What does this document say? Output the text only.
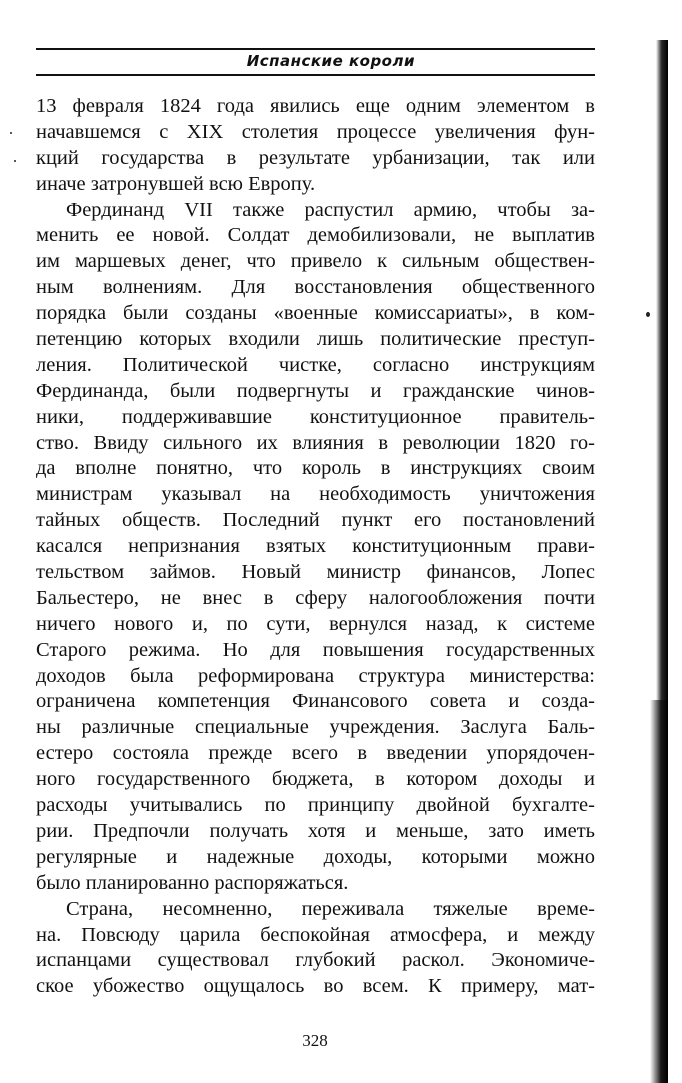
Испанские короли
13 февраля 1824 года явились еще одним элементом в
начавшемся с XIX столетия процессе увеличения фун-
кций государства в результате урбанизации, так или
иначе затронувшей всю Европу.
Фердинанд VII также распустил армию, чтобы за-
менить ее новой. Солдат демобилизовали, не выплатив
им маршевых денег, что привело к сильным обществен-
ным волнениям. Для восстановления общественного
порядка были созданы «военные комиссариаты», в ком-
петенцию которых входили лишь политические преступ-
ления. Политической чистке, согласно инструкциям
Фердинанда, были подвергнуты и гражданские чинов-
ники, поддерживавшие конституционное правитель-
ство. Ввиду сильного их влияния в революции 1820 го-
да вполне понятно, что король в инструкциях своим
министрам указывал на необходимость уничтожения
тайных обществ. Последний пункт его постановлений
касался непризнания взятых конституционным прави-
тельством займов. Новый министр финансов, Лопес
Бальестеро, не внес в сферу налогообложения почти
ничего нового и, по сути, вернулся назад, к системе
Старого режима. Но для повышения государственных
доходов была реформирована структура министерства:
ограничена компетенция Финансового совета и созда-
ны различные специальные учреждения. Заслуга Баль-
естеро состояла прежде всего в введении упорядочен-
ного государственного бюджета, в котором доходы и
расходы учитывались по принципу двойной бухгалте-
рии. Предпочли получать хотя и меньше, зато иметь
регулярные и надежные доходы, которыми можно
было планированно распоряжаться.
Страна, несомненно, переживала тяжелые време-
на. Повсюду царила беспокойная атмосфера, и между
испанцами существовал глубокий раскол. Экономиче-
ское убожество ощущалось во всем. К примеру, мат-
328
